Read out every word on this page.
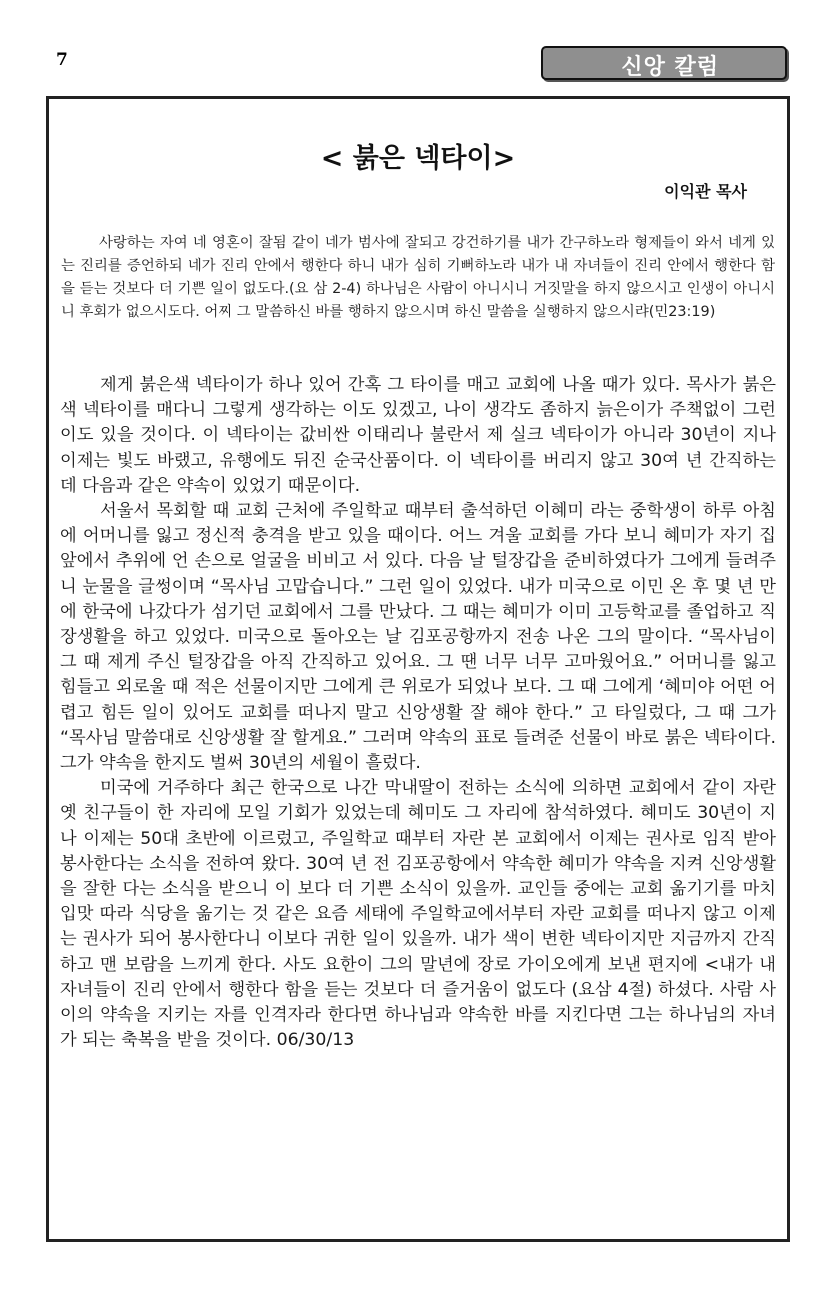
7	신앙 칼럼
< 붉은 넥타이>
이익관 목사

사랑하는 자여 네 영혼이 잘됨 같이 네가 범사에 잘되고 강건하기를 내가 간구하노라 형제들이 와서 네게 있는 진리를 증언하되 네가 진리 안에서 행한다 하니 내가 심히 기뻐하노라 내가 내 자녀들이 진리 안에서 행한다 함을 듣는 것보다 더 기쁜 일이 없도다.(요 삼 2-4) 하나님은 사람이 아니시니 거짓말을 하지 않으시고 인생이 아니시니 후회가 없으시도다. 어찌 그 말씀하신 바를 행하지 않으시며 하신 말씀을 실행하지 않으시랴(민23:19)

제게 붉은색 넥타이가 하나 있어 간혹 그 타이를 매고 교회에 나올 때가 있다. 목사가 붉은색 넥타이를 매다니 그렇게 생각하는 이도 있겠고, 나이 생각도 좀하지 늙은이가 주책없이 그런 이도 있을 것이다. 이 넥타이는 값비싼 이태리나 불란서 제 실크 넥타이가 아니라 30년이 지나 이제는 빛도 바랬고, 유행에도 뒤진 순국산품이다. 이 넥타이를 버리지 않고 30여 년 간직하는데 다음과 같은 약속이 있었기 때문이다.

서울서 목회할 때 교회 근처에 주일학교 때부터 출석하던 이혜미 라는 중학생이 하루 아침에 어머니를 잃고 정신적 충격을 받고 있을 때이다. 어느 겨울 교회를 가다 보니 혜미가 자기 집 앞에서 추위에 언 손으로 얼굴을 비비고 서 있다. 다음 날 털장갑을 준비하였다가 그에게 들려주니 눈물을 글썽이며 “목사님 고맙습니다.” 그런 일이 있었다. 내가 미국으로 이민 온 후 몇 년 만에 한국에 나갔다가 섬기던 교회에서 그를 만났다. 그 때는 혜미가 이미 고등학교를 졸업하고 직장생활을 하고 있었다. 미국으로 돌아오는 날 김포공항까지 전송 나온 그의 말이다. “목사님이 그 때 제게 주신 털장갑을 아직 간직하고 있어요. 그 땐 너무 너무 고마웠어요.” 어머니를 잃고 힘들고 외로울 때 적은 선물이지만 그에게 큰 위로가 되었나 보다. 그 때 그에게 ‘혜미야 어떤 어렵고 힘든 일이 있어도 교회를 떠나지 말고 신앙생활 잘 해야 한다.” 고 타일렀다, 그 때 그가 “목사님 말씀대로 신앙생활 잘 할게요.” 그러며 약속의 표로 들려준 선물이 바로 붉은 넥타이다. 그가 약속을 한지도 벌써 30년의 세월이 흘렀다.

미국에 거주하다 최근 한국으로 나간 막내딸이 전하는 소식에 의하면 교회에서 같이 자란 옛 친구들이 한 자리에 모일 기회가 있었는데 혜미도 그 자리에 참석하였다. 혜미도 30년이 지나 이제는 50대 초반에 이르렀고, 주일학교 때부터 자란 본 교회에서 이제는 권사로 임직 받아 봉사한다는 소식을 전하여 왔다. 30여 년 전 김포공항에서 약속한 혜미가 약속을 지켜 신앙생활을 잘한 다는 소식을 받으니 이 보다 더 기쁜 소식이 있을까. 교인들 중에는 교회 옮기기를 마치 입맛 따라 식당을 옮기는 것 같은 요즘 세태에 주일학교에서부터 자란 교회를 떠나지 않고 이제는 권사가 되어 봉사한다니 이보다 귀한 일이 있을까. 내가 색이 변한 넥타이지만 지금까지 간직하고 맨 보람을 느끼게 한다. 사도 요한이 그의 말년에 장로 가이오에게 보낸 편지에 <내가 내 자녀들이 진리 안에서 행한다 함을 듣는 것보다 더 즐거움이 없도다 (요삼 4절) 하셨다. 사람 사이의 약속을 지키는 자를 인격자라 한다면 하나님과 약속한 바를 지킨다면 그는 하나님의 자녀가 되는 축복을 받을 것이다. 06/30/13
